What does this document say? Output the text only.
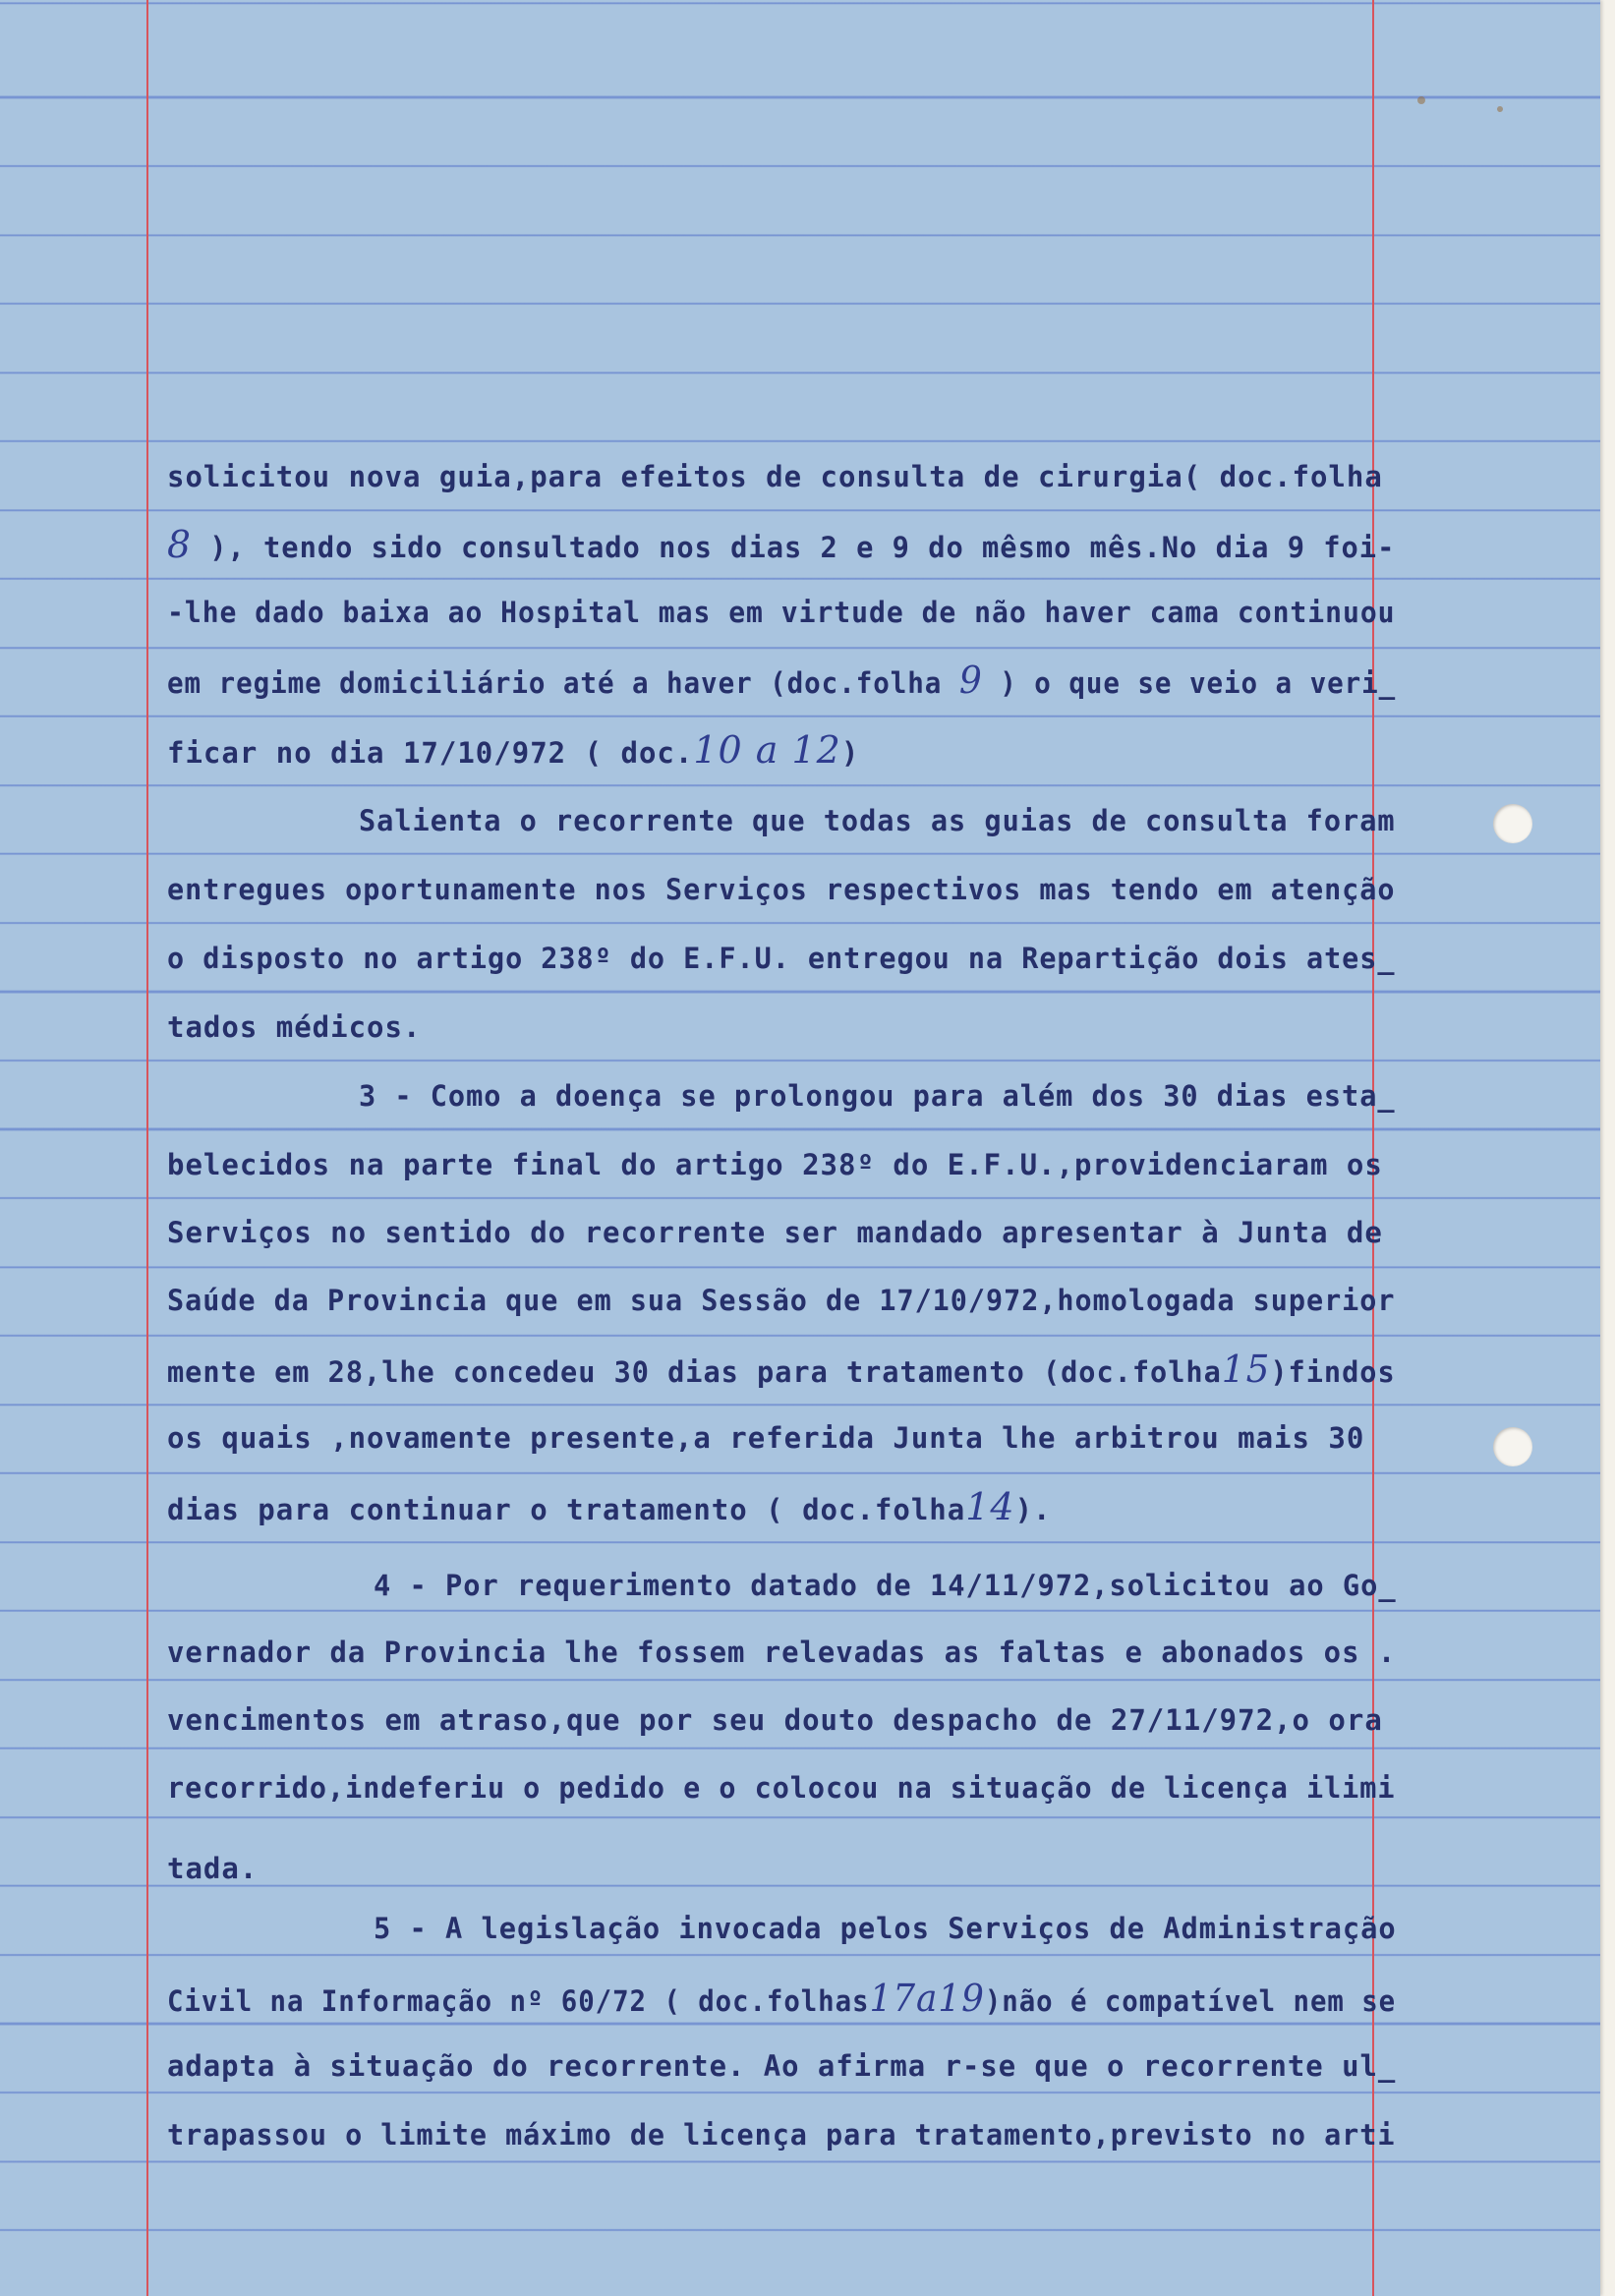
solicitou nova guia,para efeitos de consulta de cirurgia( doc.folha
8 ), tendo sido consultado nos dias 2 e 9 do mêsmo mês.No dia 9 foi-
-lhe dado baixa ao Hospital mas em virtude de não haver cama continuou
em regime domiciliário até a haver (doc.folha 9 ) o que se veio a veri_
ficar no dia 17/10/972 ( doc.10 a 12)
Salienta o recorrente que todas as guias de consulta foram
entregues oportunamente nos Serviços respectivos mas tendo em atenção
o disposto no artigo 238º do E.F.U. entregou na Repartição dois ates_
tados médicos.
3 - Como a doença se prolongou para além dos 30 dias esta_
belecidos na parte final do artigo 238º do E.F.U.,providenciaram os
Serviços no sentido do recorrente ser mandado apresentar à Junta de
Saúde da Provincia que em sua Sessão de 17/10/972,homologada superior
mente em 28,lhe concedeu 30 dias para tratamento (doc.folha15)findos
os quais ,novamente presente,a referida Junta lhe arbitrou mais 30
dias para continuar o tratamento ( doc.folha14).
4 - Por requerimento datado de 14/11/972,solicitou ao Go_
vernador da Provincia lhe fossem relevadas as faltas e abonados os .
vencimentos em atraso,que por seu douto despacho de 27/11/972,o ora
recorrido,indeferiu o pedido e o colocou na situação de licença ilimi
tada.
5 - A legislação invocada pelos Serviços de Administração
Civil na Informação nº 60/72 ( doc.folhas17a19)não é compatível nem se
adapta à situação do recorrente. Ao afirma r-se que o recorrente ul_
trapassou o limite máximo de licença para tratamento,previsto no arti
